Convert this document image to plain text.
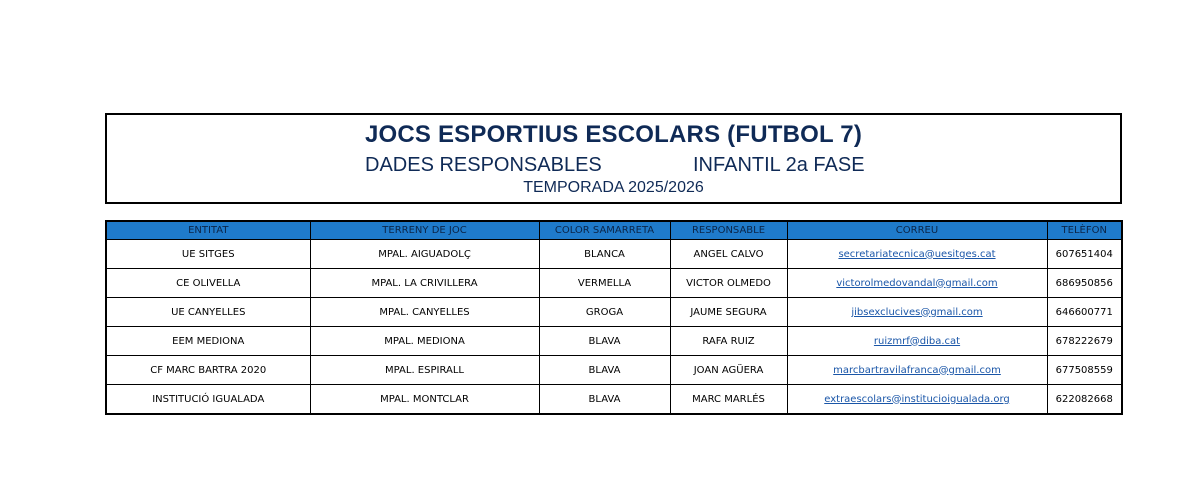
JOCS ESPORTIUS ESCOLARS (FUTBOL 7)
DADES RESPONSABLES	INFANTIL 2a FASE
TEMPORADA 2025/2026
ENTITAT	TERRENY DE JOC	COLOR SAMARRETA	RESPONSABLE	CORREU	TELÈFON
UE SITGES	MPAL. AIGUADOLÇ	BLANCA	ANGEL CALVO	secretariatecnica@uesitges.cat	607651404
CE OLIVELLA	MPAL. LA CRIVILLERA	VERMELLA	VICTOR OLMEDO	victorolmedovandal@gmail.com	686950856
UE CANYELLES	MPAL. CANYELLES	GROGA	JAUME SEGURA	jibsexclucives@gmail.com	646600771
EEM MEDIONA	MPAL. MEDIONA	BLAVA	RAFA RUIZ	ruizmrf@diba.cat	678222679
CF MARC BARTRA 2020	MPAL. ESPIRALL	BLAVA	JOAN AGÜERA	marcbartravilafranca@gmail.com	677508559
INSTITUCIÓ IGUALADA	MPAL. MONTCLAR	BLAVA	MARC MARLÉS	extraescolars@institucioigualada.org	622082668
